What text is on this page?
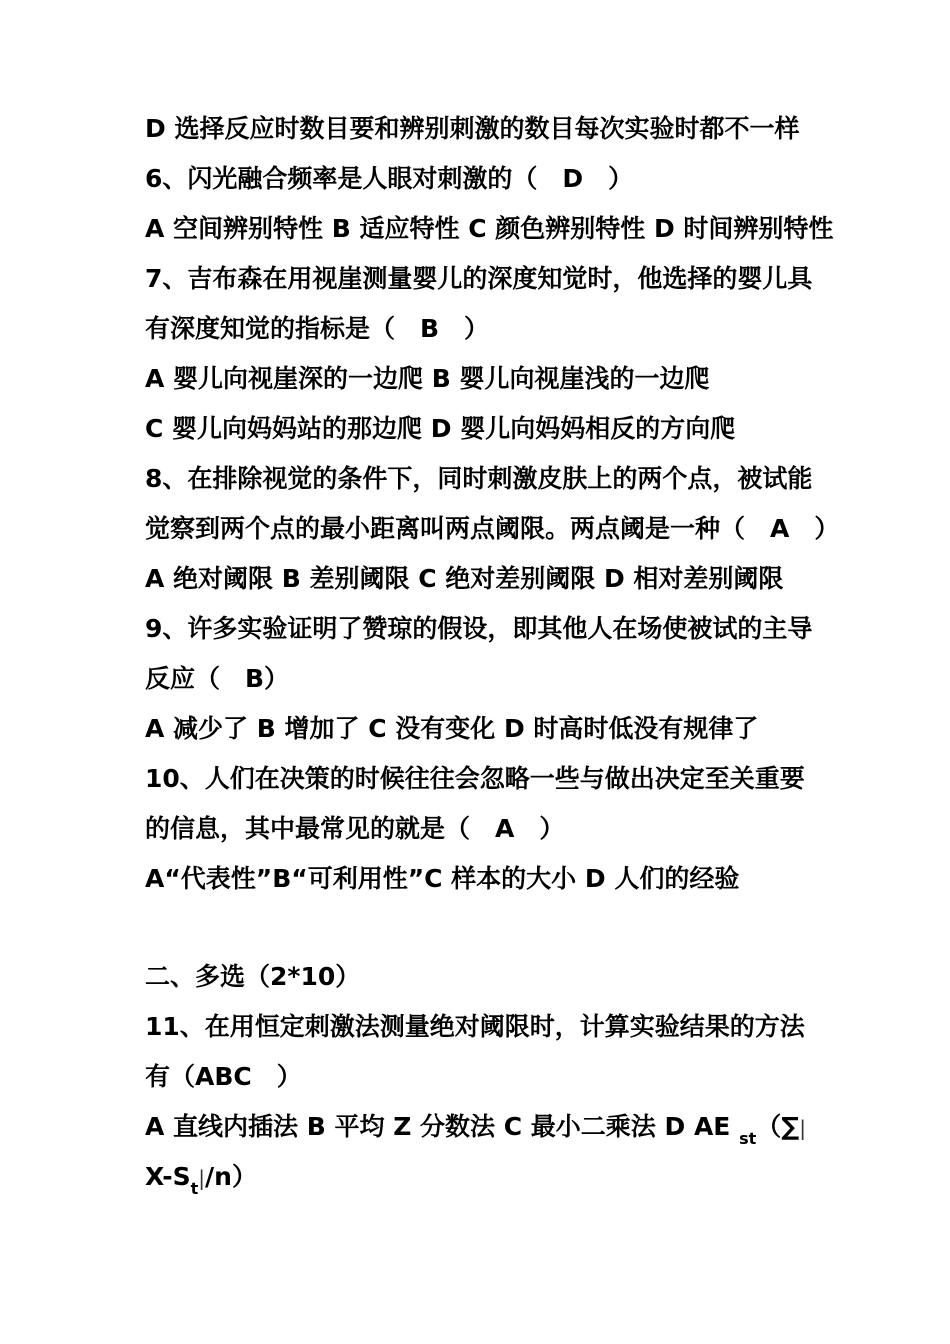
D 选择反应时数目要和辨别刺激的数目每次实验时都不一样
6、闪光融合频率是人眼对刺激的（　D　）
A 空间辨别特性 B 适应特性 C 颜色辨别特性 D 时间辨别特性
7、吉布森在用视崖测量婴儿的深度知觉时，他选择的婴儿具
有深度知觉的指标是（　B　）
A 婴儿向视崖深的一边爬 B 婴儿向视崖浅的一边爬
C 婴儿向妈妈站的那边爬 D 婴儿向妈妈相反的方向爬
8、在排除视觉的条件下，同时刺激皮肤上的两个点，被试能
觉察到两个点的最小距离叫两点阈限。两点阈是一种（　A　）
A 绝对阈限 B 差别阈限 C 绝对差别阈限 D 相对差别阈限
9、许多实验证明了赞琼的假设，即其他人在场使被试的主导
反应（　B）
A 减少了 B 增加了 C 没有变化 D 时高时低没有规律了
10、人们在决策的时候往往会忽略一些与做出决定至关重要
的信息，其中最常见的就是（　A　）
A“代表性”B“可利用性”C 样本的大小 D 人们的经验
二、多选（2*10）
11、在用恒定刺激法测量绝对阈限时，计算实验结果的方法
有（ABC　）
A 直线内插法 B 平均 Z 分数法 C 最小二乘法 D AE $_{st}$（∑|
$X-S_t|/n$）
